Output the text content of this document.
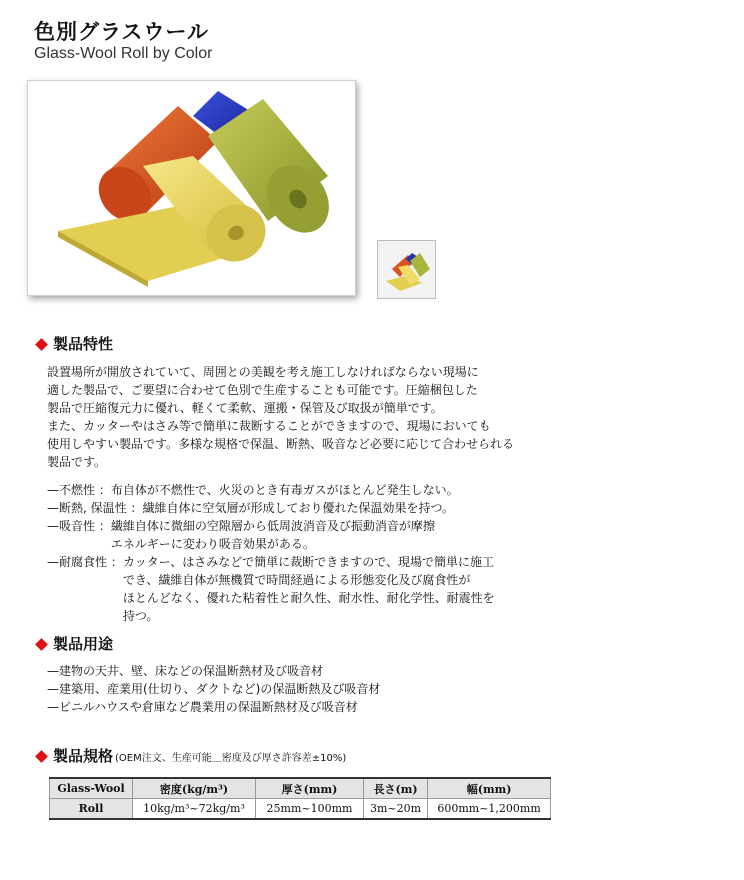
色別グラスウール
Glass-Wool Roll by Color
製品特性

設置場所が開放されていて、周囲との美観を考え施工しなければならない現場に

適した製品で、ご要望に合わせて色別で生産することも可能です。圧縮梱包した

製品で圧縮復元力に優れ、軽くて柔軟、運搬・保管及び取扱が簡単です。

また、カッターやはさみ等で簡単に裁断することができますので、現場においても

使用しやすい製品です。多様な規格で保温、断熱、吸音など必要に応じて合わせられる

製品です。

—不燃性 ： 布自体が不燃性で、火災のとき有毒ガスがほとんど発生しない。

—断熱, 保温性 ： 繊維自体に空気層が形成しており優れた保温効果を持つ。

—吸音性 ： 繊維自体に微細の空隙層から低周波消音及び振動消音が摩擦

エネルギーに変わり吸音効果がある。

—耐腐食性 ： カッター、はさみなどで簡単に裁断できますので、現場で簡単に施工

でき、繊維自体が無機質で時間経過による形態変化及び腐食性が

ほとんどなく、優れた粘着性と耐久性、耐水性、耐化学性、耐震性を

持つ。

製品用途

—建物の天井、壁、床などの保温断熱材及び吸音材

—建築用、産業用(仕切り、ダクトなど)の保温断熱及び吸音材

—ビニルハウスや倉庫など農業用の保温断熱材及び吸音材

製品規格 (OEM注文、生産可能＿密度及び厚さ許容差±10%)
Glass-Wool	密度(kg/m³)	厚さ(mm)	長さ(m)	幅(mm)
Roll	10kg/m³~72kg/m³	25mm~100mm	3m~20m	600mm~1,200mm
